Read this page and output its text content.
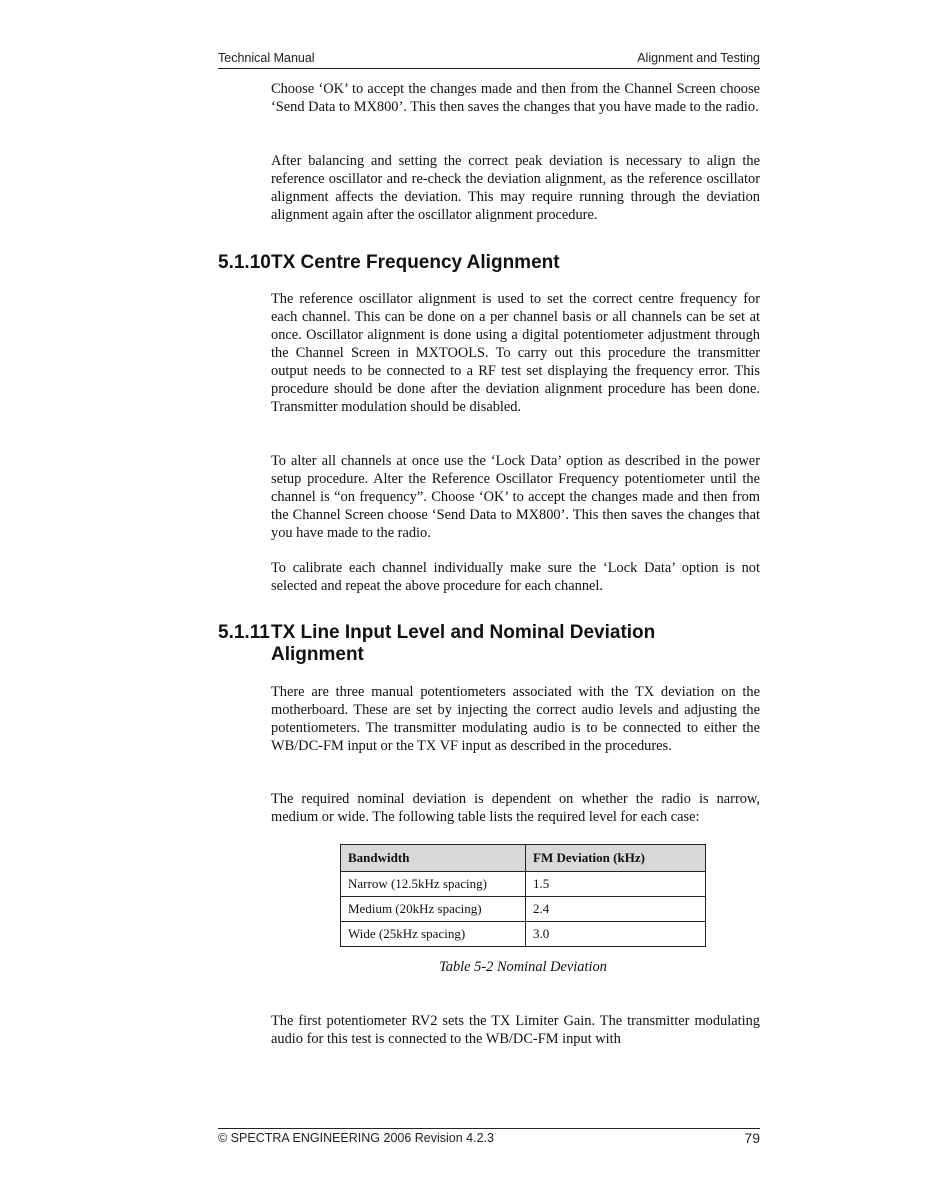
Technical Manual	Alignment and Testing

Choose ‘OK’ to accept the changes made and then from the Channel Screen choose ‘Send Data to MX800’. This then saves the changes that you have made to the radio.

After balancing and setting the correct peak deviation is necessary to align the reference oscillator and re-check the deviation alignment, as the reference oscillator alignment affects the deviation. This may require running through the deviation alignment again after the oscillator alignment procedure.

5.1.10TX Centre Frequency Alignment

The reference oscillator alignment is used to set the correct centre frequency for each channel. This can be done on a per channel basis or all channels can be set at once. Oscillator alignment is done using a digital potentiometer adjustment through the Channel Screen in MXTOOLS. To carry out this procedure the transmitter output needs to be connected to a RF test set displaying the frequency error. This procedure should be done after the deviation alignment procedure has been done. Transmitter modulation should be disabled.

To alter all channels at once use the ‘Lock Data’ option as described in the power setup procedure. Alter the Reference Oscillator Frequency potentiometer until the channel is “on frequency”. Choose ‘OK’ to accept the changes made and then from the Channel Screen choose ‘Send Data to MX800’. This then saves the changes that you have made to the radio.

To calibrate each channel individually make sure the ‘Lock Data’ option is not selected and repeat the above procedure for each channel.

5.1.11TX Line Input Level and Nominal Deviation
Alignment

There are three manual potentiometers associated with the TX deviation on the motherboard. These are set by injecting the correct audio levels and adjusting the potentiometers. The transmitter modulating audio is to be connected to either the WB/DC-FM input or the TX VF input as described in the procedures.

The required nominal deviation is dependent on whether the radio is narrow, medium or wide. The following table lists the required level for each case:

Bandwidth	FM Deviation (kHz)
Narrow (12.5kHz spacing)	1.5
Medium (20kHz spacing)	2.4
Wide (25kHz spacing)	3.0
Table 5-2 Nominal Deviation

The first potentiometer RV2 sets the TX Limiter Gain. The transmitter modulating audio for this test is connected to the WB/DC-FM input with

© SPECTRA ENGINEERING 2006 Revision 4.2.3	79
